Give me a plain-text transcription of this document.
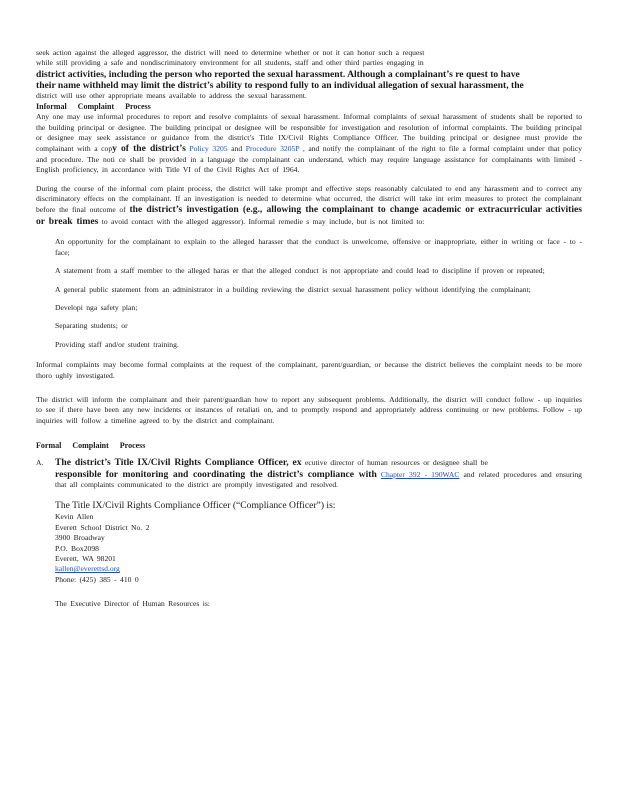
seek action against the alleged aggressor, the district will need to determine whether or not it can honor such a request

while still providing a safe and nondiscriminatory environment for all students, staff and other third parties engaging in

district activities, including the person who reported the sexual harassment. Although a complainant’s re quest to have

their name withheld may limit the district’s ability to respond fully to an individual allegation of sexual harassment, the

district will use other appropriate means available to address the sexual harassment.

Informal Complaint Process

Any one may use informal procedures to report and resolve complaints of sexual harassment. Informal complaints of sexual harassment of students shall be reported to the building principal or designee. The building principal or designee will be responsible for investigation and resolution of informal complaints. The building principal or designee may seek assistance or guidance from the district’s Title IX/Civil Rights Compliance Officer. The building principal or designee must provide the complainant with a copy of the district’s Policy 3205 and Procedure 3205P , and notify the complainant of the right to file a formal complaint under that policy and procedure. The noti ce shall be provided in a language the complainant can understand, which may require language assistance for complainants with limited - English proficiency, in accordance with Title VI of the Civil Rights Act of 1964.

During the course of the informal com plaint process, the district will take prompt and effective steps reasonably calculated to end any harassment and to correct any discriminatory effects on the complainant. If an investigation is needed to determine what occurred, the district will take int erim measures to protect the complainant before the final outcome of the district’s investigation (e.g., allowing the complainant to change academic or extracurricular activities or break times to avoid contact with the alleged aggressor). Informal remedie s may include, but is not limited to:

An opportunity for the complainant to explain to the alleged harasser that the conduct is unwelcome, offensive or inappropriate, either in writing or face - to - face;

A statement from a staff member to the alleged haras er that the alleged conduct is not appropriate and could lead to discipline if proven or repeated;

A general public statement from an administrator in a building reviewing the district sexual harassment policy without identifying the complainant;

Developi nga safety plan;

Separating students; or

Providing staff and/or student training.

Informal complaints may become formal complaints at the request of the complainant, parent/guardian, or because the district believes the complaint needs to be more thoro ughly investigated.

The district will inform the complainant and their parent/guardian how to report any subsequent problems. Additionally, the district will conduct follow - up inquiries to see if there have been any new incidents or instances of retaliati on, and to promptly respond and appropriately address continuing or new problems. Follow - up inquiries will follow a timeline agreed to by the district and complainant.

Formal Complaint Process

A.	The district’s Title IX/Civil Rights Compliance Officer, ex ecutive director of human resources or designee shall be

responsible for monitoring and coordinating the district’s compliance with Chapter 392 - 190WAC and related procedures and ensuring that all complaints communicated to the district are promptly investigated and resolved.

The Title IX/Civil Rights Compliance Officer (“Compliance Officer”) is:

Kevin Allen

Everett School District No. 2

3900 Broadway

P.O. Box2098

Everett, WA 98201

kallen@everettsd.org

Phone: (425) 385 - 410 0

The Executive Director of Human Resources is:
